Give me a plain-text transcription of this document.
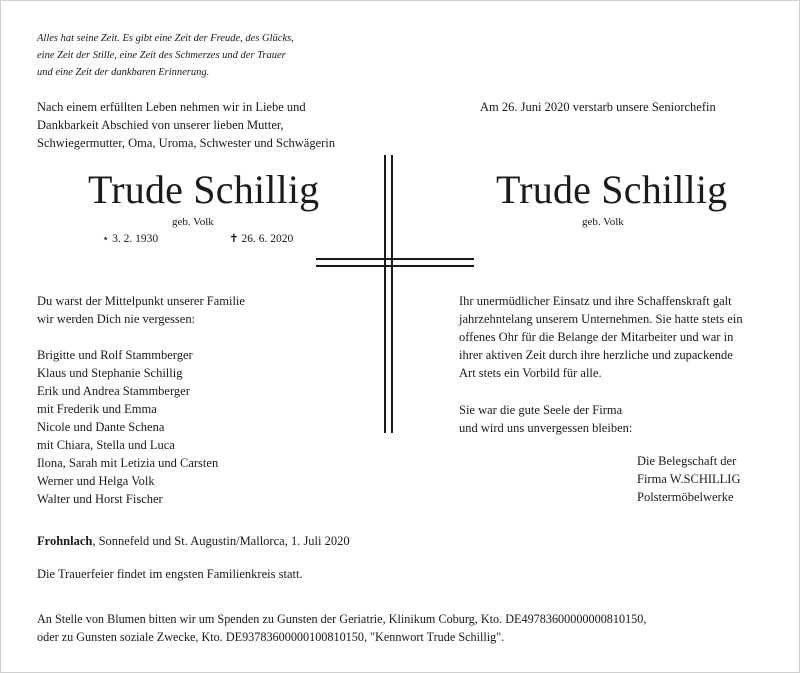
Alles hat seine Zeit. Es gibt eine Zeit der Freude, des Glücks,
eine Zeit der Stille, eine Zeit des Schmerzes und der Trauer
und eine Zeit der dankbaren Erinnerung.
Nach einem erfüllten Leben nehmen wir in Liebe und
Dankbarkeit Abschied von unserer lieben Mutter,
Schwiegermutter, Oma, Uroma, Schwester und Schwägerin
Am 26. Juni 2020 verstarb unsere Seniorchefin
Trude Schillig	Trude Schillig
geb. Volk	geb. Volk
⋆ 3. 2. 1930	✝ 26. 6. 2020
Du warst der Mittelpunkt unserer Familie
wir werden Dich nie vergessen:
Brigitte und Rolf Stammberger
Klaus und Stephanie Schillig
Erik und Andrea Stammberger
mit Frederik und Emma
Nicole und Dante Schena
mit Chiara, Stella und Luca
Ilona, Sarah mit Letizia und Carsten
Werner und Helga Volk
Walter und Horst Fischer
Ihr unermüdlicher Einsatz und ihre Schaffenskraft galt
jahrzehntelang unserem Unternehmen. Sie hatte stets ein
offenes Ohr für die Belange der Mitarbeiter und war in
ihrer aktiven Zeit durch ihre herzliche und zupackende
Art stets ein Vorbild für alle.
Sie war die gute Seele der Firma
und wird uns unvergessen bleiben:
Die Belegschaft der
Firma W.SCHILLIG
Polstermöbelwerke
Frohnlach, Sonnefeld und St. Augustin/Mallorca, 1. Juli 2020
Die Trauerfeier findet im engsten Familienkreis statt.
An Stelle von Blumen bitten wir um Spenden zu Gunsten der Geriatrie, Klinikum Coburg, Kto. DE49783600000000810150,
oder zu Gunsten soziale Zwecke, Kto. DE93783600000100810150, "Kennwort Trude Schillig".
